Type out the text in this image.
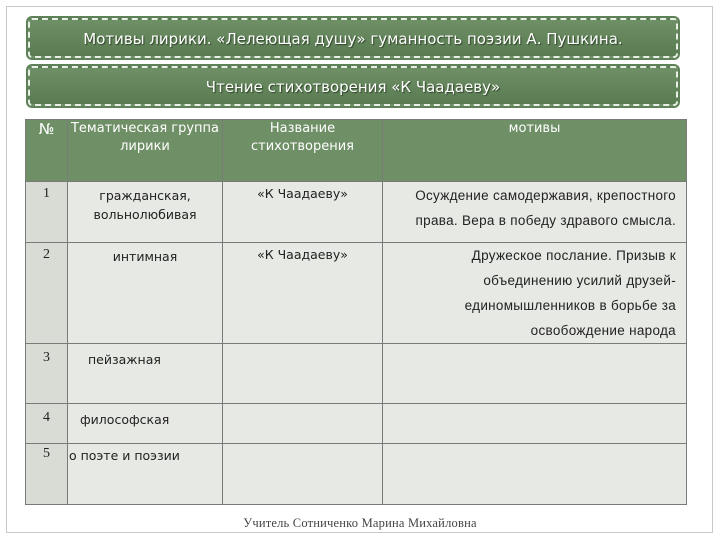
Мотивы лирики. «Лелеющая душу» гуманность поэзии А. Пушкина.
Чтение стихотворения «К Чаадаеву»
№	Тематическая группа лирики	Название стихотворения	мотивы
1	гражданская, вольнолюбивая	«К Чаадаеву»	Осуждение самодержавия, крепостного права. Вера в победу здравого смысла.
2	интимная	«К Чаадаеву»	Дружеское послание. Призыв к объединению усилий друзей-единомышленников в борьбе за освобождение народа
3	пейзажная		
4	философская		
5	о поэте и поэзии		
Учитель Сотниченко Марина Михайловна
